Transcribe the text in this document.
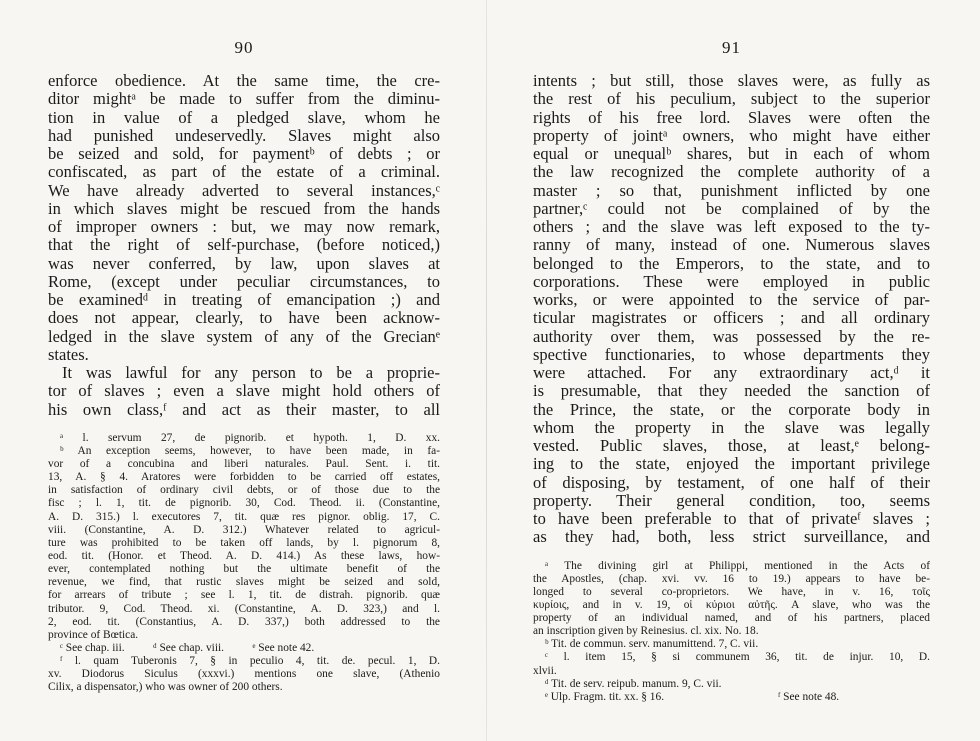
90
enforce obedience. At the same time, the cre-
ditor mightᵃ be made to suffer from the diminu-
tion in value of a pledged slave, whom he
had punished undeservedly. Slaves might also
be seized and sold, for paymentᵇ of debts ; or
confiscated, as part of the estate of a criminal.
We have already adverted to several instances,ᶜ
in which slaves might be rescued from the hands
of improper owners : but, we may now remark,
that the right of self-purchase, (before noticed,)
was never conferred, by law, upon slaves at
Rome, (except under peculiar circumstances, to
be examinedᵈ in treating of emancipation ;) and
does not appear, clearly, to have been acknow-
ledged in the slave system of any of the Grecianᵉ
states.
It was lawful for any person to be a proprie-
tor of slaves ; even a slave might hold others of
his own class,ᶠ and act as their master, to all
ᵃ l. servum 27, de pignorib. et hypoth. 1, D. xx.
ᵇ An exception seems, however, to have been made, in fa-
vor of a concubina and liberi naturales. Paul. Sent. i. tit.
13, A. § 4. Aratores were forbidden to be carried off estates,
in satisfaction of ordinary civil debts, or of those due to the
fisc ; l. 1, tit. de pignorib. 30, Cod. Theod. ii. (Constantine,
A. D. 315.) l. executores 7, tit. quæ res pignor. oblig. 17, C.
viii. (Constantine, A. D. 312.) Whatever related to agricul-
ture was prohibited to be taken off lands, by l. pignorum 8,
eod. tit. (Honor. et Theod. A. D. 414.) As these laws, how-
ever, contemplated nothing but the ultimate benefit of the
revenue, we find, that rustic slaves might be seized and sold,
for arrears of tribute ; see l. 1, tit. de distrah. pignorib. quæ
tributor. 9, Cod. Theod. xi. (Constantine, A. D. 323,) and l.
2, eod. tit. (Constantius, A. D. 337,) both addressed to the
province of Bœtica.
ᶜ See chap. iii.          ᵈ See chap. viii.          ᵉ See note 42.
ᶠ l. quam Tuberonis 7, § in peculio 4, tit. de. pecul. 1, D.
xv. Diodorus Siculus (xxxvi.) mentions one slave, (Athenio
Cilix, a dispensator,) who was owner of 200 others.
91
intents ; but still, those slaves were, as fully as
the rest of his peculium, subject to the superior
rights of his free lord. Slaves were often the
property of jointᵃ owners, who might have either
equal or unequalᵇ shares, but in each of whom
the law recognized the complete authority of a
master ; so that, punishment inflicted by one
partner,ᶜ could not be complained of by the
others ; and the slave was left exposed to the ty-
ranny of many, instead of one. Numerous slaves
belonged to the Emperors, to the state, and to
corporations. These were employed in public
works, or were appointed to the service of par-
ticular magistrates or officers ; and all ordinary
authority over them, was possessed by the re-
spective functionaries, to whose departments they
were attached. For any extraordinary act,ᵈ it
is presumable, that they needed the sanction of
the Prince, the state, or the corporate body in
whom the property in the slave was legally
vested. Public slaves, those, at least,ᵉ belong-
ing to the state, enjoyed the important privilege
of disposing, by testament, of one half of their
property. Their general condition, too, seems
to have been preferable to that of privateᶠ slaves ;
as they had, both, less strict surveillance, and
ᵃ The divining girl at Philippi, mentioned in the Acts of
the Apostles, (chap. xvi. vv. 16 to 19.) appears to have be-
longed to several co-proprietors. We have, in v. 16, τοῖς
κυρίοις, and in v. 19, οἱ κύριοι αὐτῆς. A slave, who was the
property of an individual named, and of his partners, placed
an inscription given by Reinesius. cl. xix. No. 18.
ᵇ Tit. de commun. serv. manumittend. 7, C. vii.
ᶜ l. item 15, § si communem 36, tit. de injur. 10, D.
xlvii.
ᵈ Tit. de serv. reipub. manum. 9, C. vii.
ᵉ Ulp. Fragm. tit. xx. § 16.                                        ᶠ See note 48.
